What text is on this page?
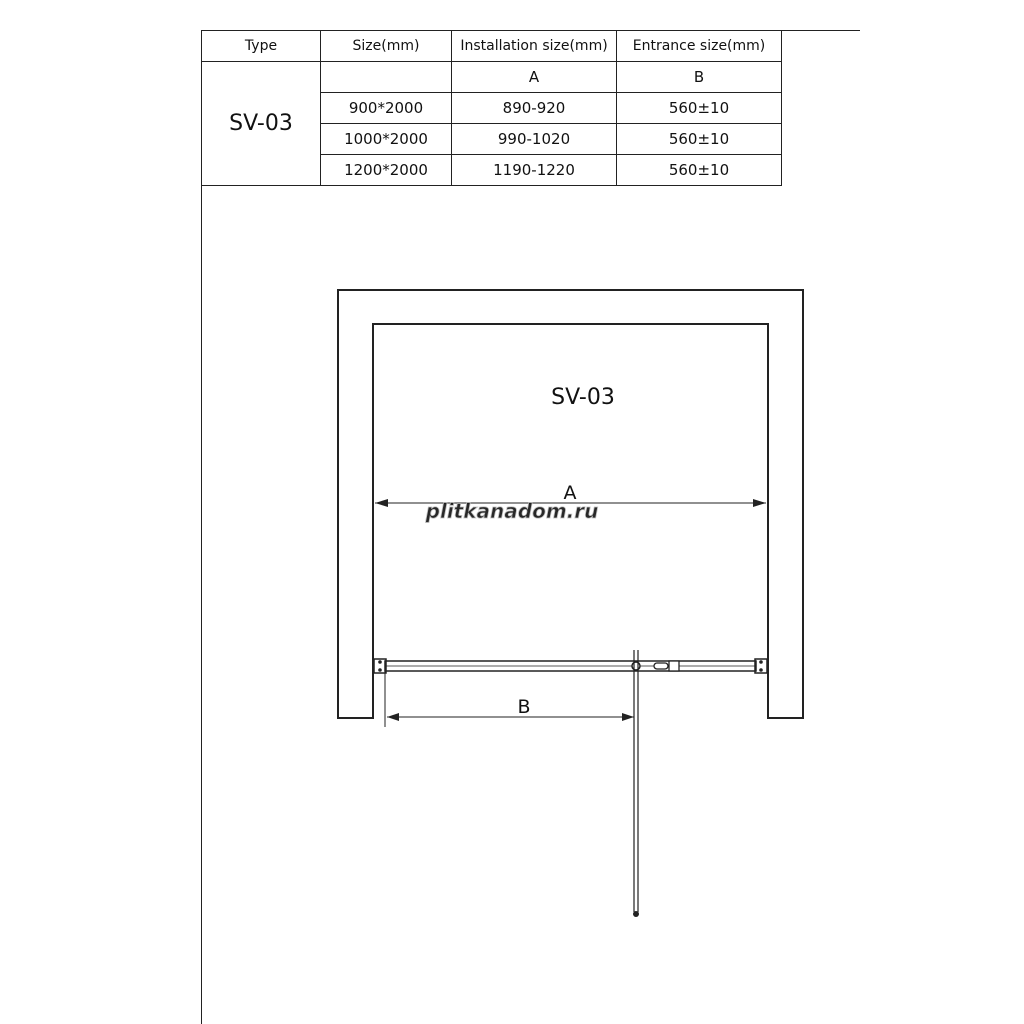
Type	Size(mm)	Installation size(mm)	Entrance size(mm)
SV-03		A	B
	900*2000	890-920	560±10
	1000*2000	990-1020	560±10
	1200*2000	1190-1220	560±10
SV-03
A
plitkanadom.ru
B
